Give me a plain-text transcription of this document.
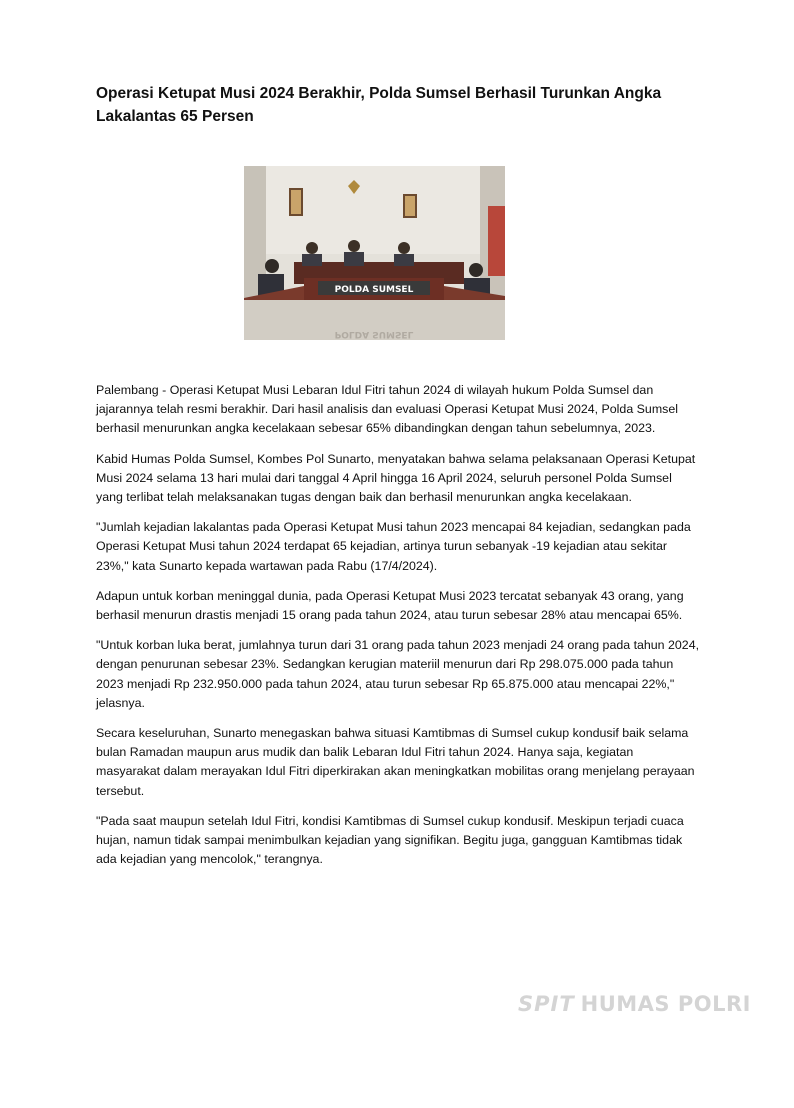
Operasi Ketupat Musi 2024 Berakhir, Polda Sumsel Berhasil Turunkan Angka Lakalantas 65 Persen
POLDA SUMSEL
POLDA SUMSEL

Palembang - Operasi Ketupat Musi Lebaran Idul Fitri tahun 2024 di wilayah hukum Polda Sumsel dan jajarannya telah resmi berakhir. Dari hasil analisis dan evaluasi Operasi Ketupat Musi 2024, Polda Sumsel berhasil menurunkan angka kecelakaan sebesar 65% dibandingkan dengan tahun sebelumnya, 2023.

Kabid Humas Polda Sumsel, Kombes Pol Sunarto, menyatakan bahwa selama pelaksanaan Operasi Ketupat Musi 2024 selama 13 hari mulai dari tanggal 4 April hingga 16 April 2024, seluruh personel Polda Sumsel yang terlibat telah melaksanakan tugas dengan baik dan berhasil menurunkan angka kecelakaan.

"Jumlah kejadian lakalantas pada Operasi Ketupat Musi tahun 2023 mencapai 84 kejadian, sedangkan pada Operasi Ketupat Musi tahun 2024 terdapat 65 kejadian, artinya turun sebanyak -19 kejadian atau sekitar 23%," kata Sunarto kepada wartawan pada Rabu (17/4/2024).

Adapun untuk korban meninggal dunia, pada Operasi Ketupat Musi 2023 tercatat sebanyak 43 orang, yang berhasil menurun drastis menjadi 15 orang pada tahun 2024, atau turun sebesar 28% atau mencapai 65%.

"Untuk korban luka berat, jumlahnya turun dari 31 orang pada tahun 2023 menjadi 24 orang pada tahun 2024, dengan penurunan sebesar 23%. Sedangkan kerugian materiil menurun dari Rp 298.075.000 pada tahun 2023 menjadi Rp 232.950.000 pada tahun 2024, atau turun sebesar Rp 65.875.000 atau mencapai 22%," jelasnya.

Secara keseluruhan, Sunarto menegaskan bahwa situasi Kamtibmas di Sumsel cukup kondusif baik selama bulan Ramadan maupun arus mudik dan balik Lebaran Idul Fitri tahun 2024. Hanya saja, kegiatan masyarakat dalam merayakan Idul Fitri diperkirakan akan meningkatkan mobilitas orang menjelang perayaan tersebut.

"Pada saat maupun setelah Idul Fitri, kondisi Kamtibmas di Sumsel cukup kondusif. Meskipun terjadi cuaca hujan, namun tidak sampai menimbulkan kejadian yang signifikan. Begitu juga, gangguan Kamtibmas tidak ada kejadian yang mencolok," terangnya.

SPIT HUMAS POLRI
